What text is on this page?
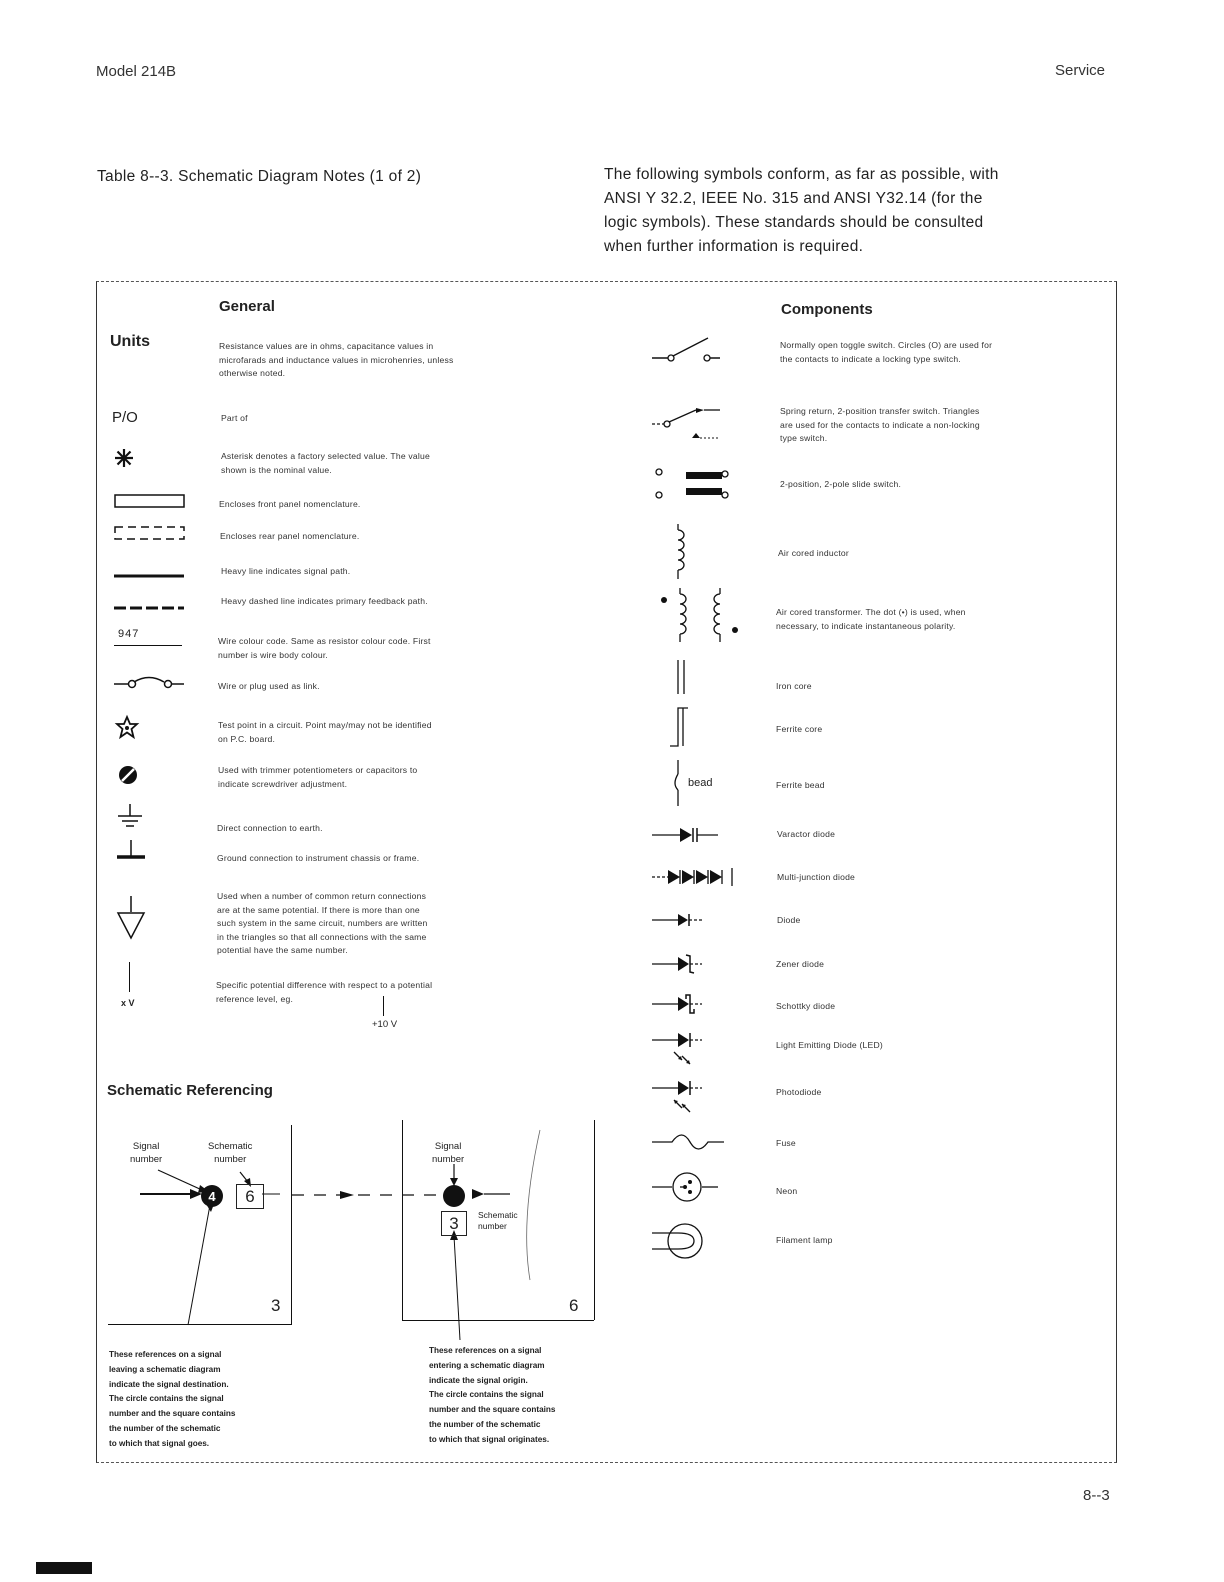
Model 214B	Service
Table 8--3. Schematic Diagram Notes (1 of 2)	The following symbols conform, as far as possible, with
ANSI Y 32.2, IEEE No. 315 and ANSI Y32.14 (for the
logic symbols). These standards should be consulted
when further information is required.
General
Units	Resistance values are in ohms, capacitance values in
microfarads and inductance values in microhenries, unless
otherwise noted.
P/O	Part of
Asterisk denotes a factory selected value. The value
shown is the nominal value.
Encloses front panel nomenclature.
Encloses rear panel nomenclature.
Heavy line indicates signal path.
Heavy dashed line indicates primary feedback path.
947
Wire colour code. Same as resistor colour code. First
number is wire body colour.
Wire or plug used as link.
Test point in a circuit. Point may/may not be identified
on P.C. board.
Used with trimmer potentiometers or capacitors to
indicate screwdriver adjustment.
Direct connection to earth.
Ground connection to instrument chassis or frame.
Used when a number of common return connections
are at the same potential. If there is more than one
such system in the same circuit, numbers are written
in the triangles so that all connections with the same
potential have the same number.
x V
Specific potential difference with respect to a potential
reference level, eg.
+10 V
Schematic Referencing
Signal
number
Schematic
number
4	6
3
Signal
number
3	Schematic
number
6
These references on a signal
leaving a schematic diagram
indicate the signal destination.
The circle contains the signal
number and the square contains
the number of the schematic
to which that signal goes.
These references on a signal
entering a schematic diagram
indicate the signal origin.
The circle contains the signal
number and the square contains
the number of the schematic
to which that signal originates.
Components
Normally open toggle switch. Circles (O) are used for
the contacts to indicate a locking type switch.
Spring return, 2-position transfer switch. Triangles
are used for the contacts to indicate a non-locking
type switch.
2-position, 2-pole slide switch.
Air cored inductor
Air cored transformer. The dot (•) is used, when
necessary, to indicate instantaneous polarity.
Iron core
Ferrite core
bead	Ferrite bead
Varactor diode
Multi-junction diode
Diode
Zener diode
Schottky diode
Light Emitting Diode (LED)
Photodiode
Fuse
Neon
Filament lamp
8--3
